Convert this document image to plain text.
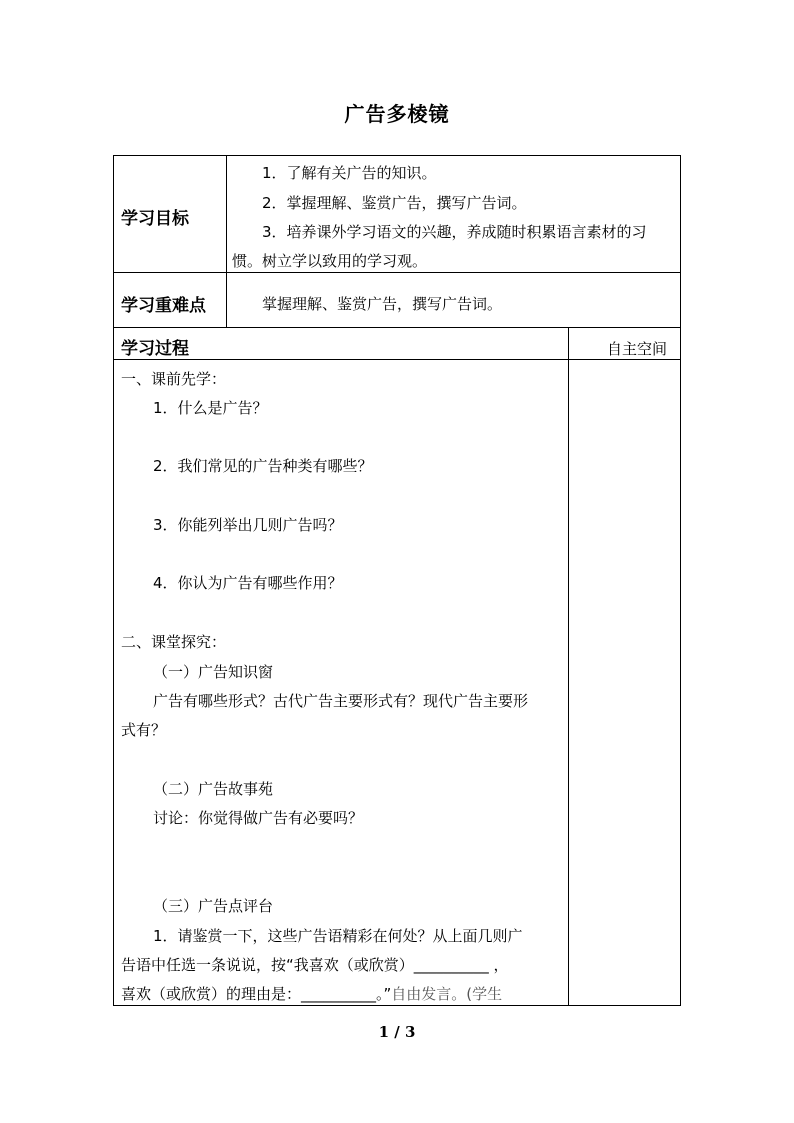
广告多棱镜
学习目标
1．了解有关广告的知识。
2．掌握理解、鉴赏广告，撰写广告词。
3．培养课外学习语文的兴趣，养成随时积累语言素材的习
惯。树立学以致用的学习观。
学习重难点	掌握理解、鉴赏广告，撰写广告词。
学习过程	自主空间
一、课前先学：
1．什么是广告？
2．我们常见的广告种类有哪些？
3．你能列举出几则广告吗？
4．你认为广告有哪些作用？
二、课堂探究：
（一）广告知识窗
广告有哪些形式？古代广告主要形式有？现代广告主要形
式有？
（二）广告故事苑
讨论：你觉得做广告有必要吗？
（三）广告点评台
1．请鉴赏一下，这些广告语精彩在何处？从上面几则广
告语中任选一条说说，按“我喜欢（或欣赏）__________ ，
喜欢（或欣赏）的理由是：__________。”自由发言。(学生
1 / 3
